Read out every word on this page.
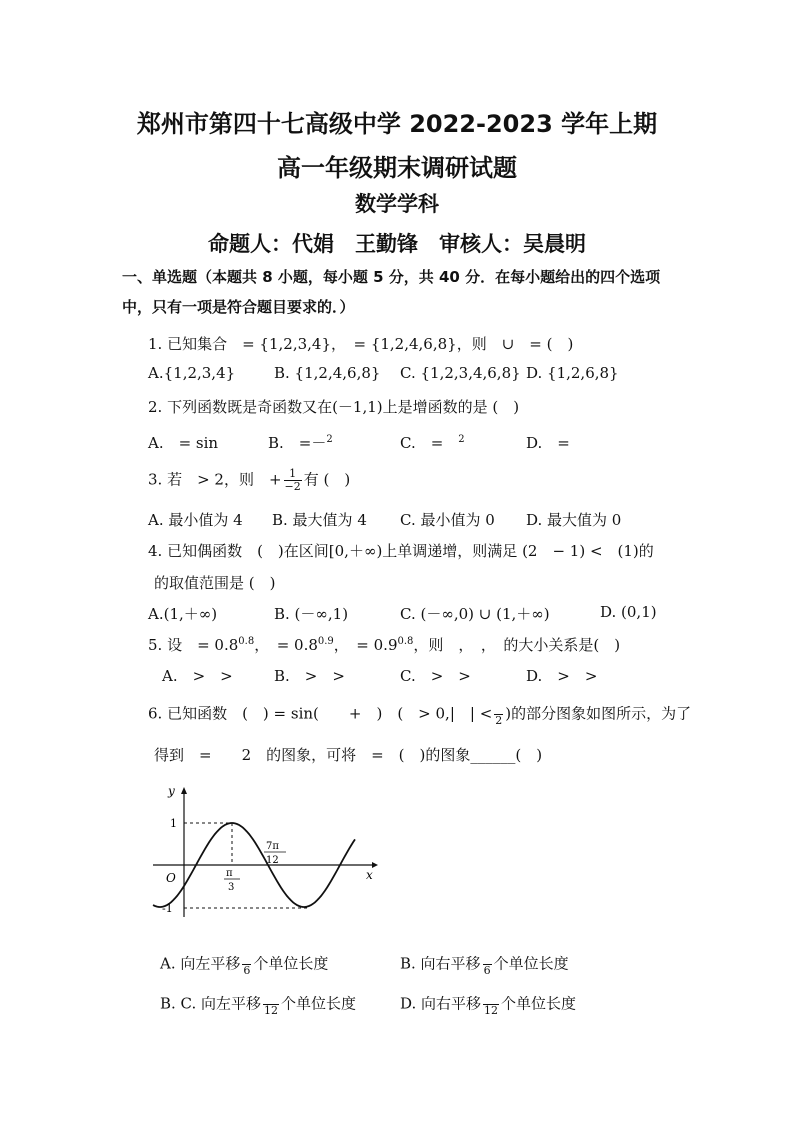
郑州市第四十七高级中学 2022-2023 学年上期
高一年级期末调研试题
数学学科
命题人：代娟　王勤锋　审核人：吴晨明
一、单选题（本题共 8 小题，每小题 5 分，共 40 分．在每小题给出的四个选项
中，只有一项是符合题目要求的．）
1. 已知集合　= {1,2,3,4}，　= {1,2,4,6,8}，则　∪　= (　)
A.{1,2,3,4}	B. {1,2,4,6,8} C. {1,2,3,4,6,8} D. {1,2,6,8}
2. 下列函数既是奇函数又在(－1,1)上是增函数的是 (　)
A.　= sin	B.　=－$^2$	C.　=　 $^2$	D.　=
3. 若　> 2，则　+ $\frac{1}{-2}$ 有 (　)
A. 最小值为 4 B. 最大值为 4 C. 最小值为 0 D. 最大值为 0
4. 已知偶函数　(　)在区间[0,＋∞)上单调递增，则满足 (2　− 1) <　(1)的
的取值范围是 (　)
A.(1,＋∞)	B. (－∞,1)	C. (－∞,0) ∪ (1,＋∞)	D. (0,1)
5. 设　= $0.8^{0.8}$，　= $0.8^{0.9}$，　= $0.9^{0.8}$，则　，　，　的大小关系是(　)
A.　>　>	B.　>　>	C.　>　>	D.　>　>
6. 已知函数　(　) = sin(　　+　)　(　> 0,|　| <
2 )的部分图象如图所示，为了
得到　=　　2　的图象，可将　=　(　)的图象______(　)
y
x
O
1
-1
π
3
7π
12
A. 向左平移
6 个单位长度	B. 向右平移
6 个单位长度
B. C. 向左平移
12 个单位长度	D. 向右平移
12 个单位长度
